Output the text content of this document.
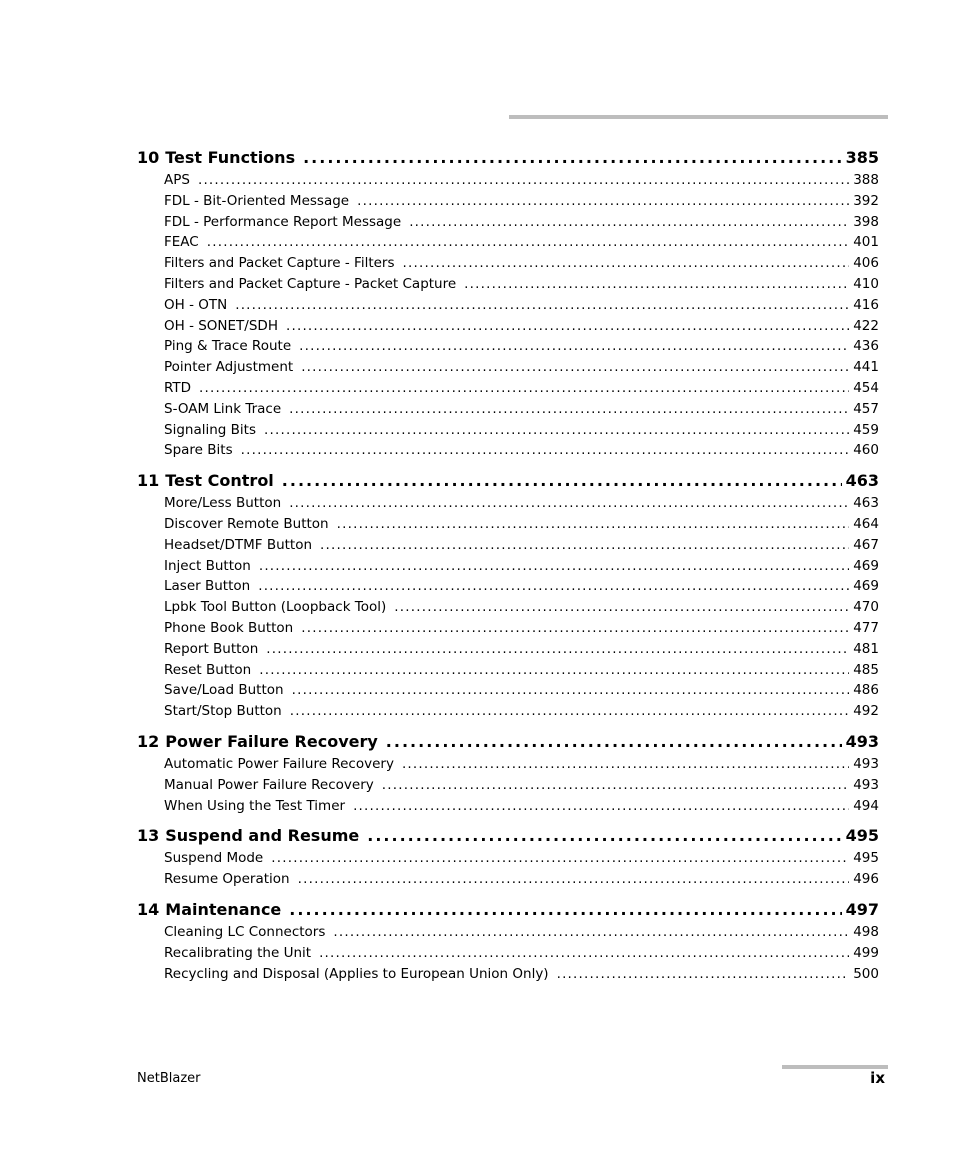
10 Test Functions .....	385
APS .....	388
FDL - Bit-Oriented Message .....	392
FDL - Performance Report Message .....	398
FEAC .....	401
Filters and Packet Capture - Filters .....	406
Filters and Packet Capture - Packet Capture .....	410
OH - OTN .....	416
OH - SONET/SDH .....	422
Ping & Trace Route .....	436
Pointer Adjustment .....	441
RTD .....	454
S-OAM Link Trace .....	457
Signaling Bits .....	459
Spare Bits .....	460
11 Test Control .....	463
More/Less Button .....	463
Discover Remote Button .....	464
Headset/DTMF Button .....	467
Inject Button .....	469
Laser Button .....	469
Lpbk Tool Button (Loopback Tool) .....	470
Phone Book Button .....	477
Report Button .....	481
Reset Button .....	485
Save/Load Button .....	486
Start/Stop Button .....	492
12 Power Failure Recovery .....	493
Automatic Power Failure Recovery .....	493
Manual Power Failure Recovery .....	493
When Using the Test Timer .....	494
13 Suspend and Resume .....	495
Suspend Mode .....	495
Resume Operation .....	496
14 Maintenance .....	497
Cleaning LC Connectors .....	498
Recalibrating the Unit .....	499
Recycling and Disposal (Applies to European Union Only) .....	500
NetBlazer	ix
